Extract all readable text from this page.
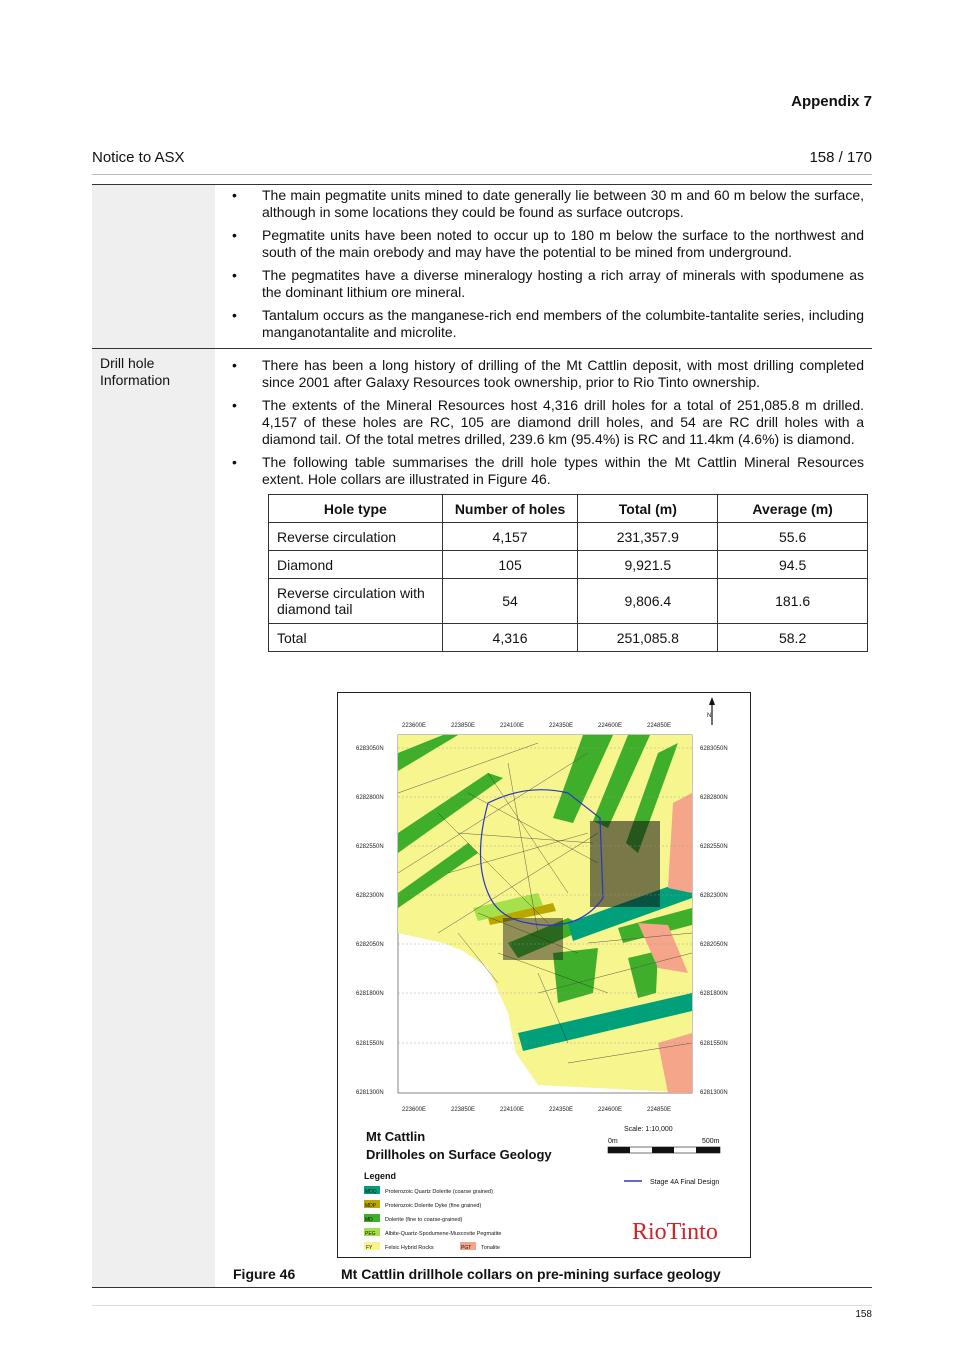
Appendix 7
Notice to ASX	158 / 170
• The main pegmatite units mined to date generally lie between 30 m and 60 m below the surface, although in some locations they could be found as surface outcrops.
• Pegmatite units have been noted to occur up to 180 m below the surface to the northwest and south of the main orebody and may have the potential to be mined from underground.
• The pegmatites have a diverse mineralogy hosting a rich array of minerals with spodumene as the dominant lithium ore mineral.
• Tantalum occurs as the manganese-rich end members of the columbite-tantalite series, including manganotantalite and microlite.
Drill hole Information
• There has been a long history of drilling of the Mt Cattlin deposit, with most drilling completed since 2001 after Galaxy Resources took ownership, prior to Rio Tinto ownership.
• The extents of the Mineral Resources host 4,316 drill holes for a total of 251,085.8 m drilled. 4,157 of these holes are RC, 105 are diamond drill holes, and 54 are RC drill holes with a diamond tail. Of the total metres drilled, 239.6 km (95.4%) is RC and 11.4km (4.6%) is diamond.
• The following table summarises the drill hole types within the Mt Cattlin Mineral Resources extent. Hole collars are illustrated in Figure 46.
Hole type	Number of holes	Total (m)	Average (m)
Reverse circulation	4,157	231,357.9	55.6
Diamond	105	9,921.5	94.5
Reverse circulation with diamond tail	54	9,806.4	181.6
Total	4,316	251,085.8	58.2
223600E	223850E	224100E	224350E	224600E	224850E
223600E	223850E	224100E	224350E	224600E	224850E
6283050N
6282800N
6282550N
6282300N
6282050N
6281800N
6281550N
6281300N
6283050N
6282800N
6282550N
6282300N
6282050N
6281800N
6281550N
6281300N
N
Mt Cattlin
Drillholes on Surface Geology
Scale: 1:10,000
0m	500m
Stage 4A Final Design
Legend
MDQ Proterozoic Quartz Dolerite (coarse grained)
MDP Proterozoic Dolerite Dyke (fine grained)
MD Dolerite (fine to coarse-grained)
PEG Albite-Quartz-Spodumene-Muscovite Pegmatite
FY Felsic Hybrid Rocks	PGT Tonalite
RioTinto
Figure 46	Mt Cattlin drillhole collars on pre-mining surface geology
158
